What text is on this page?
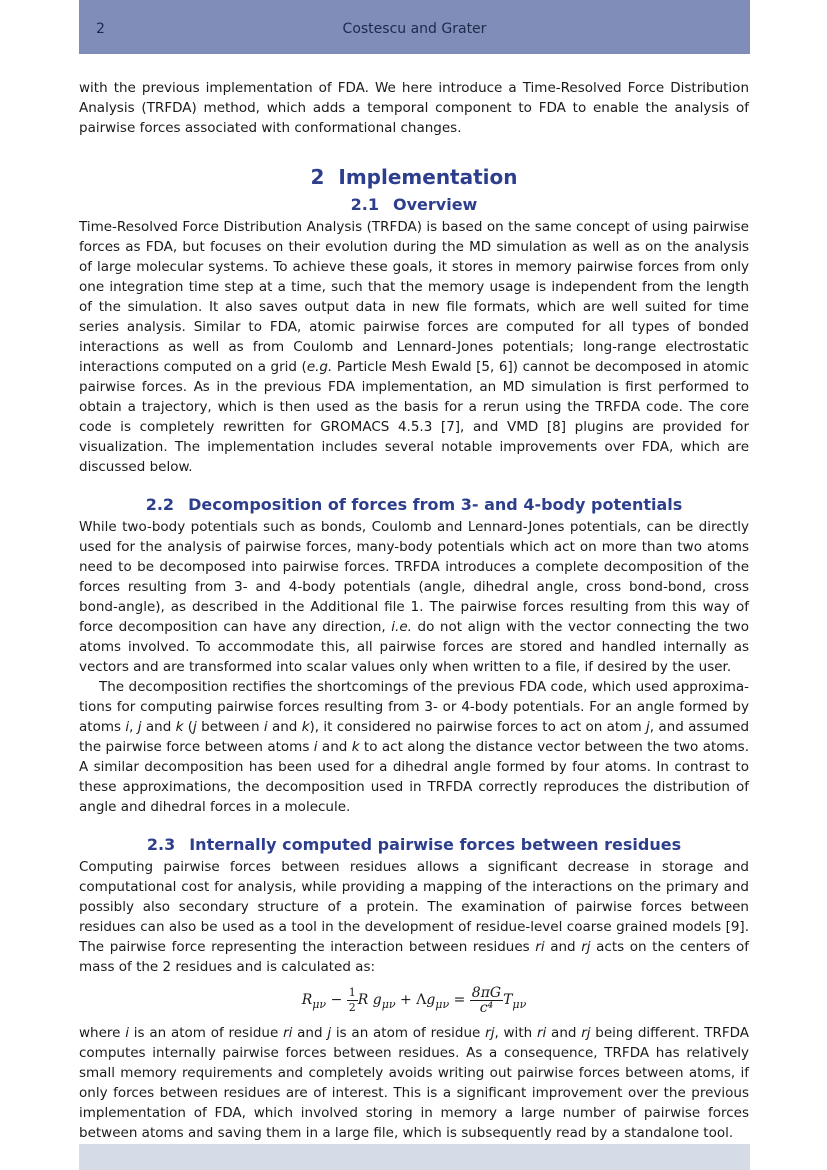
2	Costescu and Grater

with the previous implementation of FDA. We here introduce a Time-Resolved Force Distribution Analysis (TRFDA) method, which adds a temporal component to FDA to enable the analysis of pairwise forces associated with conformational changes.

2 Implementation
2.1 Overview

Time-Resolved Force Distribution Analysis (TRFDA) is based on the same concept of using pairwise forces as FDA, but focuses on their evolution during the MD simulation as well as on the analysis of large molecular systems. To achieve these goals, it stores in memory pairwise forces from only one integration time step at a time, such that the memory usage is independent from the length of the simulation. It also saves output data in new file formats, which are well suited for time series analysis. Similar to FDA, atomic pairwise forces are computed for all types of bonded interactions as well as from Coulomb and Lennard-Jones potentials; long-range electrostatic interactions computed on a grid (e.g. Particle Mesh Ewald [5, 6]) cannot be decomposed in atomic pairwise forces. As in the previous FDA implementation, an MD simulation is first performed to obtain a trajectory, which is then used as the basis for a rerun using the TRFDA code. The core code is completely rewritten for GROMACS 4.5.3 [7], and VMD [8] plugins are provided for visualization. The implementation includes several notable improvements over FDA, which are discussed below.

2.2 Decomposition of forces from 3- and 4-body potentials

While two-body potentials such as bonds, Coulomb and Lennard-Jones potentials, can be directly used for the analysis of pairwise forces, many-body potentials which act on more than two atoms need to be decomposed into pairwise forces. TRFDA introduces a complete decomposition of the forces resulting from 3- and 4-body potentials (angle, dihedral angle, cross bond-bond, cross bond-angle), as described in the Additional file 1. The pairwise forces resulting from this way of force decomposition can have any direction, i.e. do not align with the vector connecting the two atoms involved. To accommodate this, all pairwise forces are stored and handled internally as vectors and are transformed into scalar values only when written to a file, if desired by the user.

The decomposition rectifies the shortcomings of the previous FDA code, which used approxima-tions for computing pairwise forces resulting from 3- or 4-body potentials. For an angle formed by atoms i, j and k (j between i and k), it considered no pairwise forces to act on atom j, and assumed the pairwise force between atoms i and k to act along the distance vector between the two atoms. A similar decomposition has been used for a dihedral angle formed by four atoms. In contrast to these approximations, the decomposition used in TRFDA correctly reproduces the distribution of angle and dihedral forces in a molecule.

2.3 Internally computed pairwise forces between residues

Computing pairwise forces between residues allows a significant decrease in storage and computational cost for analysis, while providing a mapping of the interactions on the primary and possibly also secondary structure of a protein. The examination of pairwise forces between residues can also be used as a tool in the development of residue-level coarse grained models [9]. The pairwise force representing the interaction between residues ri and rj acts on the centers of mass of the 2 residues and is calculated as:

$R_{\mu\nu} - \frac{1}{2}$ R $g_{\mu\nu} + \Lambda g_{\mu\nu} = \frac{8\pi G}{\text{c⁴}} T_{\mu\nu}$

where i is an atom of residue ri and j is an atom of residue rj, with ri and rj being different. TRFDA computes internally pairwise forces between residues. As a consequence, TRFDA has relatively small memory requirements and completely avoids writing out pairwise forces between atoms, if only forces between residues are of interest. This is a significant improvement over the previous implementation of FDA, which involved storing in memory a large number of pairwise forces between atoms and saving them in a large file, which is subsequently read by a standalone tool.
